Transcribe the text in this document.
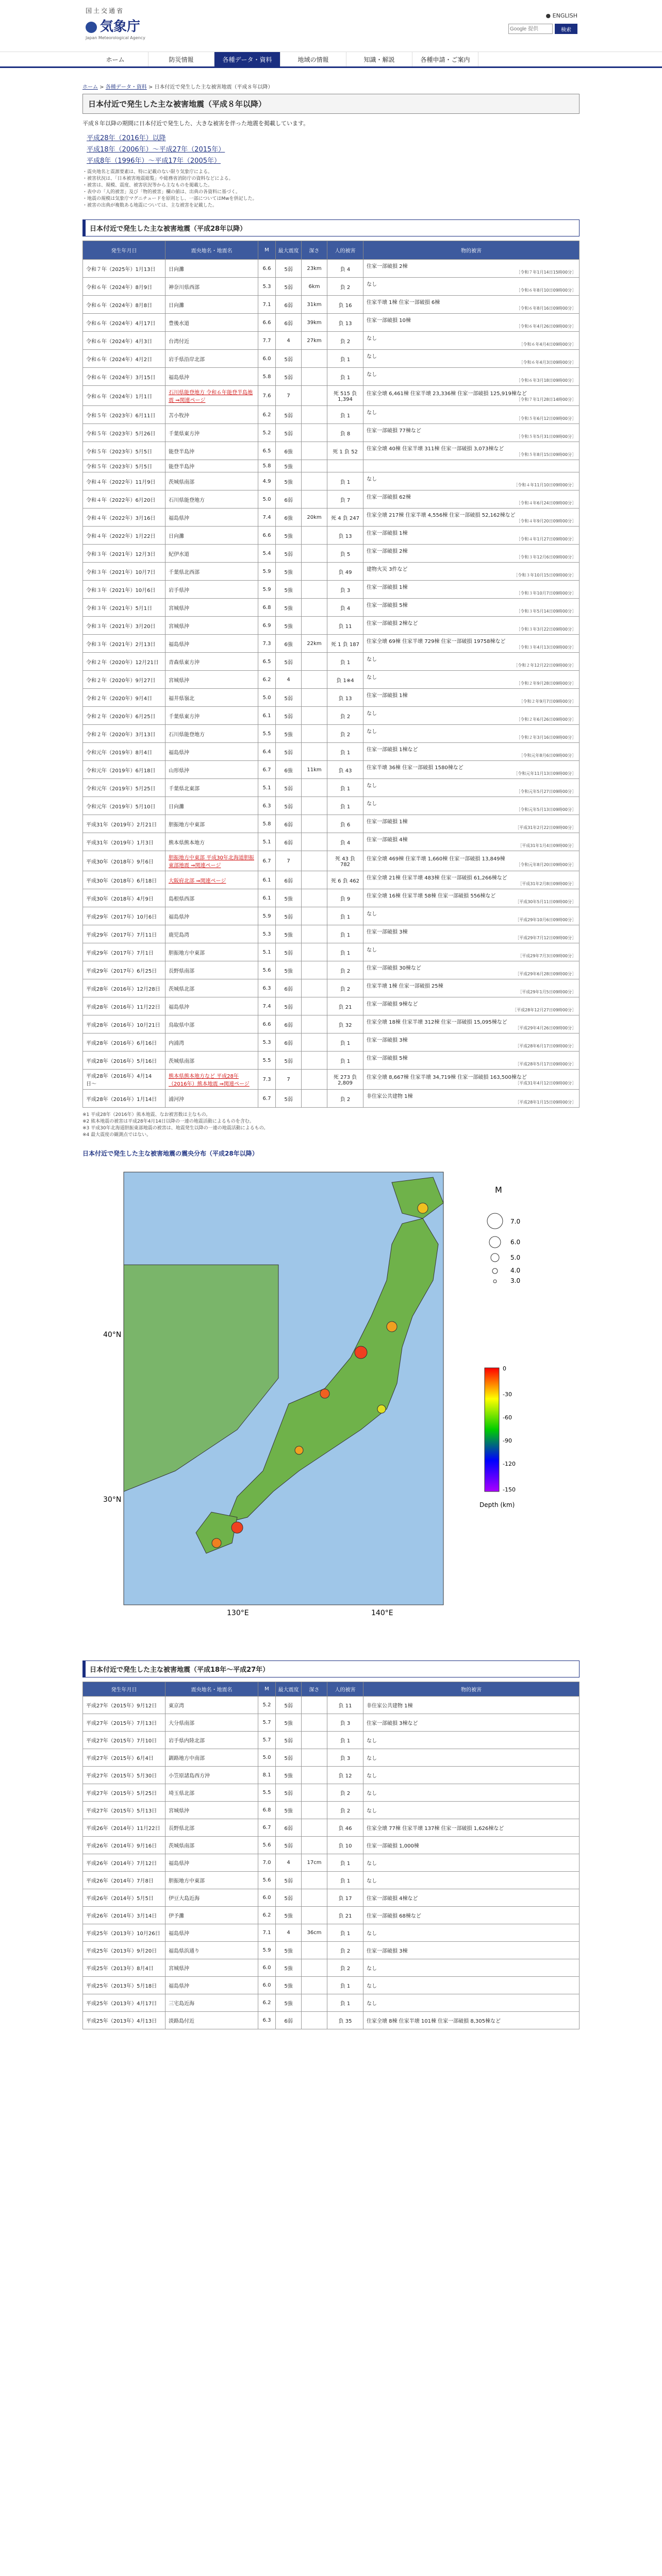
国土交通省
気象庁
Japan Meteorological Agency
● ENGLISH
Google 提供
検索
ホーム	防災情報	各種データ・資料	地域の情報	知識・解説	各種申請・ご案内
ホーム > 各種データ・資料 > 日本付近で発生した主な被害地震（平成８年以降）
日本付近で発生した主な被害地震（平成８年以降）

平成８年以降の期間に日本付近で発生した、大きな被害を伴った地震を掲載しています。

平成28年（2016年）以降
平成18年（2006年）〜平成27年（2015年）
平成8年（1996年）〜平成17年（2005年）
・震央地名と震源要素は、特に記載のない限り気象庁による。
・被害状況は、「日本被害地震総覧」や総務省消防庁の資料などによる。
・被害は、規模、震度、被害状況等から主なものを掲載した。
・表中の「人的被害」及び「物的被害」欄の値は、出典の各資料に基づく。
・地震の規模は気象庁マグニチュードを原則とし、一部についてはMwを併記した。
・被害の出典が複数ある地震については、主な被害を記載した。
日本付近で発生した主な被害地震（平成28年以降）
発生年月日	震央地名・地震名	M	最大震度	深さ	人的被害	物的被害
令和７年（2025年）1月13日	日向灘	6.6	5弱	23km	負 4	住家一部破損 2棟
［令和７年1月14日15時00分］

令和６年（2024年）8月9日	神奈川県西部	5.3	5弱	6km	負 2	なし
［令和６年8月10日09時00分］

令和６年（2024年）8月8日	日向灘	7.1	6弱	31km	負 16	住家半壊 1棟 住家一部破損 6棟
［令和６年8月16日09時00分］

令和６年（2024年）4月17日	豊後水道	6.6	6弱	39km	負 13	住家一部破損 10棟
［令和６年4月26日09時00分］

令和６年（2024年）4月3日	台湾付近	7.7	4	27km	負 2	なし
［令和６年4月4日09時00分］

令和６年（2024年）4月2日	岩手県沿岸北部	6.0	5弱		負 1	なし
［令和６年4月3日09時00分］

令和６年（2024年）3月15日	福島県沖	5.8	5弱		負 1	なし
［令和６年3月18日09時00分］

令和６年（2024年）1月1日	石川県能登地方 令和６年能登半島地震 ⇒関連ページ	7.6	7		死 515 負 1,394	住家全壊 6,461棟 住家半壊 23,336棟 住家一部破損 125,919棟など
［令和７年1月28日14時00分］

令和５年（2023年）6月11日	苫小牧沖	6.2	5弱		負 1	なし
［令和５年6月12日09時00分］

令和５年（2023年）5月26日	千葉県東方沖	5.2	5弱		負 8	住家一部破損 77棟など
［令和５年5月31日09時00分］

令和５年（2023年）5月5日	能登半島沖	6.5	6強		死 1 負 52	住家全壊 40棟 住家半壊 311棟 住家一部破損 3,073棟など
［令和５年8月15日09時00分］

令和５年（2023年）5月5日	能登半島沖	5.8	5強			

令和４年（2022年）11月9日	茨城県南部	4.9	5強		負 1	なし
［令和４年11月10日09時00分］

令和４年（2022年）6月20日	石川県能登地方	5.0	6弱		負 7	住家一部破損 62棟
［令和４年6月24日09時00分］

令和４年（2022年）3月16日	福島県沖	7.4	6強	20km	死 4 負 247	住家全壊 217棟 住家半壊 4,556棟 住家一部破損 52,162棟など
［令和４年9月20日09時00分］

令和４年（2022年）1月22日	日向灘	6.6	5強		負 13	住家一部破損 1棟
［令和４年1月27日09時00分］

令和３年（2021年）12月3日	紀伊水道	5.4	5弱		負 5	住家一部破損 2棟
［令和３年12月6日09時00分］

令和３年（2021年）10月7日	千葉県北西部	5.9	5強		負 49	建物火災 3件など
［令和３年10月15日09時00分］

令和３年（2021年）10月6日	岩手県沖	5.9	5強		負 3	住家一部破損 1棟
［令和３年10月7日09時00分］

令和３年（2021年）5月1日	宮城県沖	6.8	5強		負 4	住家一部破損 5棟
［令和３年5月14日09時00分］

令和３年（2021年）3月20日	宮城県沖	6.9	5強		負 11	住家一部破損 2棟など
［令和３年3月22日09時00分］

令和３年（2021年）2月13日	福島県沖	7.3	6強	22km	死 1 負 187	住家全壊 69棟 住家半壊 729棟 住家一部破損 19758棟など
［令和３年4月13日09時00分］

令和２年（2020年）12月21日	青森県東方沖	6.5	5弱		負 1	なし
［令和２年12月22日09時00分］

令和２年（2020年）9月27日	宮城県沖	6.2	4		負 1※4	なし
［令和２年9月28日09時00分］

令和２年（2020年）9月4日	福井県嶺北	5.0	5弱		負 13	住家一部破損 1棟
［令和２年9月7日09時00分］

令和２年（2020年）6月25日	千葉県東方沖	6.1	5弱		負 2	なし
［令和２年6月26日09時00分］

令和２年（2020年）3月13日	石川県能登地方	5.5	5強		負 2	なし
［令和２年3月16日09時00分］

令和元年（2019年）8月4日	福島県沖	6.4	5弱		負 1	住家一部破損 1棟など
［令和元年8月6日09時00分］

令和元年（2019年）6月18日	山形県沖	6.7	6強	11km	負 43	住家半壊 36棟 住家一部破損 1580棟など
［令和元年11月13日09時00分］

令和元年（2019年）5月25日	千葉県北東部	5.1	5弱		負 1	なし
［令和元年5月27日09時00分］

令和元年（2019年）5月10日	日向灘	6.3	5弱		負 1	なし
［令和元年5月13日09時00分］

平成31年（2019年）2月21日	胆振地方中東部	5.8	6弱		負 6	住家一部破損 1棟
［平成31年2月22日09時00分］

平成31年（2019年）1月3日	熊本県熊本地方	5.1	6弱		負 4	住家一部破損 4棟
［平成31年1月4日09時00分］

平成30年（2018年）9月6日	胆振地方中東部 平成30年北海道胆振東部地震 ⇒関連ページ	6.7	7		死 43 負 782	住家全壊 469棟 住家半壊 1,660棟 住家一部破損 13,849棟
［令和元年8月20日09時00分］

平成30年（2018年）6月18日	大阪府北部 ⇒関連ページ	6.1	6弱		死 6 負 462	住家全壊 21棟 住家半壊 483棟 住家一部破損 61,266棟など
［平成31年2月8日09時00分］

平成30年（2018年）4月9日	島根県西部	6.1	5強		負 9	住家全壊 16棟 住家半壊 58棟 住家一部破損 556棟など
［平成30年5月11日09時00分］

平成29年（2017年）10月6日	福島県沖	5.9	5弱		負 1	なし
［平成29年10月6日09時00分］

平成29年（2017年）7月11日	鹿児島湾	5.3	5強		負 1	住家一部破損 3棟
［平成29年7月12日09時00分］

平成29年（2017年）7月1日	胆振地方中東部	5.1	5弱		負 1	なし
［平成29年7月3日09時00分］

平成29年（2017年）6月25日	長野県南部	5.6	5強		負 2	住家一部破損 30棟など
［平成29年6月28日09時00分］

平成28年（2016年）12月28日	茨城県北部	6.3	6弱		負 2	住家半壊 1棟 住家一部破損 25棟
［平成29年1月5日09時00分］

平成28年（2016年）11月22日	福島県沖	7.4	5弱		負 21	住家一部破損 9棟など
［平成28年12月27日09時00分］

平成28年（2016年）10月21日	鳥取県中部	6.6	6弱		負 32	住家全壊 18棟 住家半壊 312棟 住家一部破損 15,095棟など
［平成29年4月26日09時00分］

平成28年（2016年）6月16日	内浦湾	5.3	6弱		負 1	住家一部破損 3棟
［平成28年6月17日09時00分］

平成28年（2016年）5月16日	茨城県南部	5.5	5弱		負 1	住家一部破損 5棟
［平成28年5月17日09時00分］

平成28年（2016年）4月14日〜	熊本県熊本地方など 平成28年（2016年）熊本地震 ⇒関連ページ	7.3	7		死 273 負 2,809	住家全壊 8,667棟 住家半壊 34,719棟 住家一部破損 163,500棟など
［平成31年4月12日09時00分］

平成28年（2016年）1月14日	浦河沖	6.7	5弱		負 2	非住家公共建物 1棟
［平成28年1月15日09時00分］
※1 平成28年（2016年）熊本地震、なお被害数は主なもの。
※2 熊本地震の被害は平成28年4月14日以降の一連の地震活動によるものを含む。
※3 平成30年北海道胆振東部地震の被害は、地震発生以降の一連の地震活動によるもの。
※4 最大震度の観測点ではない。
日本付近で発生した主な被害地震の震央分布（平成28年以降）
40°N
30°N
130°E	140°E
M
7.0
6.0
5.0
4.0
3.0
0
-30
-60
-90
-120
-150
Depth (km)
日本付近で発生した主な被害地震（平成18年〜平成27年）
発生年月日	震央地名・地震名	M	最大震度	深さ	人的被害	物的被害
平成27年（2015年）9月12日	東京湾	5.2	5弱		負 11	非住家公共建物 1棟
平成27年（2015年）7月13日	大分県南部	5.7	5強		負 3	住家一部破損 3棟など
平成27年（2015年）7月10日	岩手県内陸北部	5.7	5弱		負 1	なし
平成27年（2015年）6月4日	釧路地方中南部	5.0	5弱		負 3	なし
平成27年（2015年）5月30日	小笠原諸島西方沖	8.1	5強		負 12	なし
平成27年（2015年）5月25日	埼玉県北部	5.5	5弱		負 2	なし
平成27年（2015年）5月13日	宮城県沖	6.8	5強		負 2	なし
平成26年（2014年）11月22日	長野県北部	6.7	6弱		負 46	住家全壊 77棟 住家半壊 137棟 住家一部破損 1,626棟など
平成26年（2014年）9月16日	茨城県南部	5.6	5弱		負 10	住家一部破損 1,000棟
平成26年（2014年）7月12日	福島県沖	7.0	4	17cm	負 1	なし
平成26年（2014年）7月8日	胆振地方中東部	5.6	5弱		負 1	なし
平成26年（2014年）5月5日	伊豆大島近海	6.0	5弱		負 17	住家一部破損 4棟など
平成26年（2014年）3月14日	伊予灘	6.2	5強		負 21	住家一部破損 68棟など
平成25年（2013年）10月26日	福島県沖	7.1	4	36cm	負 1	なし
平成25年（2013年）9月20日	福島県浜通り	5.9	5強		負 2	住家一部破損 3棟
平成25年（2013年）8月4日	宮城県沖	6.0	5強		負 2	なし
平成25年（2013年）5月18日	福島県沖	6.0	5強		負 1	なし
平成25年（2013年）4月17日	三宅島近海	6.2	5強		負 1	なし
平成25年（2013年）4月13日	淡路島付近	6.3	6弱		負 35	住家全壊 8棟 住家半壊 101棟 住家一部破損 8,305棟など
